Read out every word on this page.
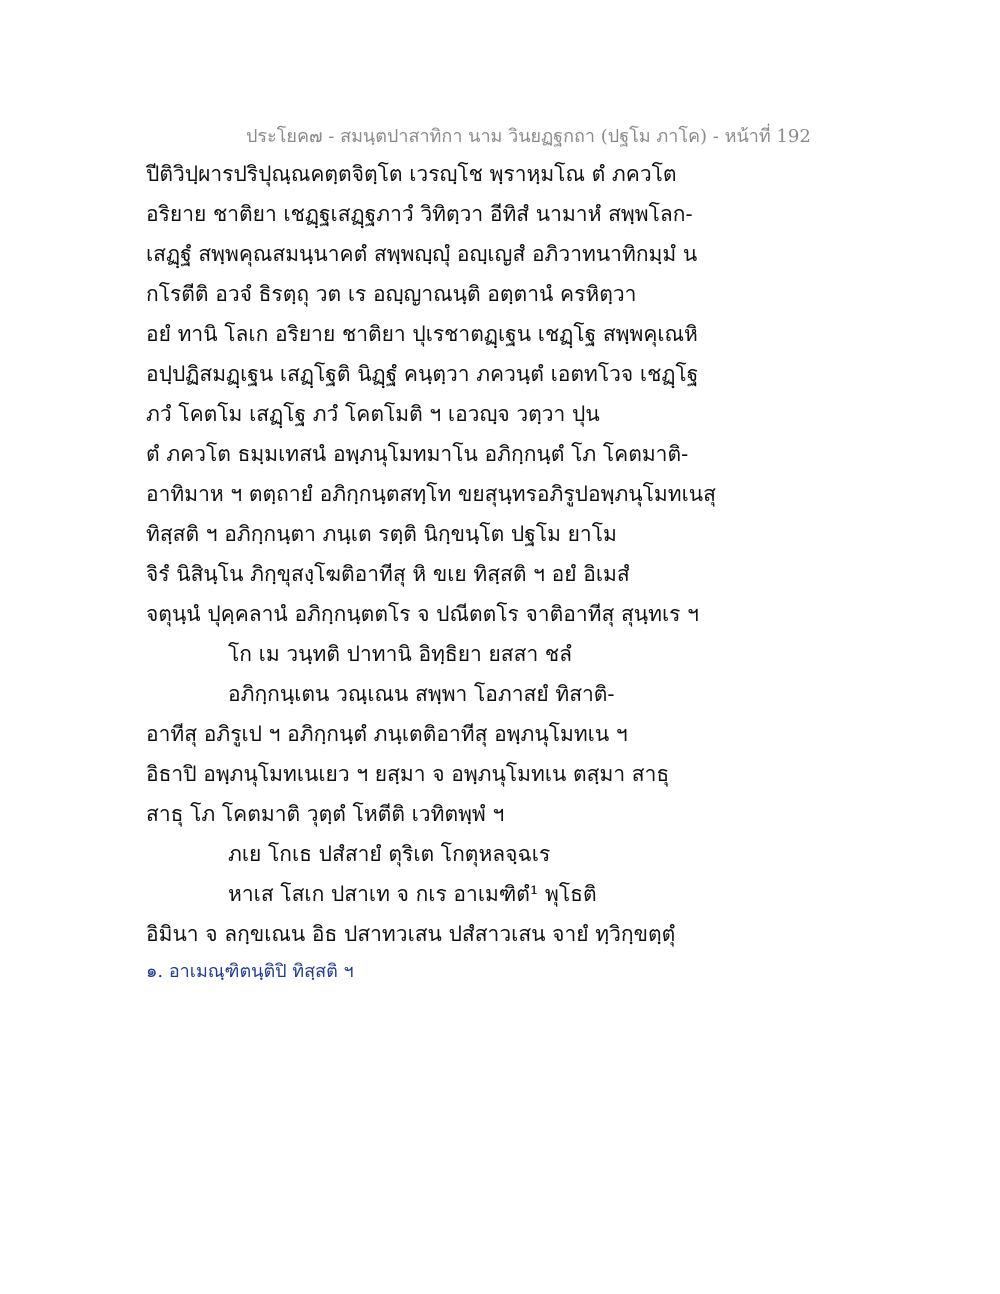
ประโยค๗ - สมนฺตปาสาทิกา นาม วินยฏฐกถา (ปฐโม ภาโค) - หน้าที่ 192
ปีติวิปฺผารปริปุณฺณคตฺตจิตฺโต เวรญฺโช พฺราหฺมโณ ตํ ภควโต
อริยาย ชาติยา เชฏฺฐเสฏฺฐภาวํ วิทิตฺวา อีทิสํ นามาหํ สพฺพโลก-
เสฏฺฐํ สพฺพคุณสมนฺนาคตํ สพฺพญฺญุํ อญฺเญสํ อภิวาทนาทิกมฺมํ น
กโรตีติ อวจํ ธิรตฺถุ วต เร อญฺญาณนฺติ อตฺตานํ ครหิตฺวา
อยํ ทานิ โลเก อริยาย ชาติยา ปุเรชาตฏฺเฐน เชฏฺโฐ สพฺพคุเณหิ
อปฺปฏิสมฏฺเฐน เสฏฺโฐติ นิฏฺฐํ คนฺตฺวา ภควนฺตํ เอตทโวจ เชฏฺโฐ
ภวํ โคตโม เสฏฺโฐ ภวํ โคตโมติ ฯ เอวญฺจ วตฺวา ปุน
ตํ ภควโต ธมฺมเทสนํ อพฺภนุโมทมาโน อภิกฺกนฺตํ โภ โคตมาติ-
อาทิมาห ฯ ตตฺถายํ อภิกฺกนฺตสทฺโท ขยสุนฺทรอภิรูปอพฺภนุโมทเนสุ
ทิสฺสติ ฯ อภิกฺกนฺตา ภนฺเต รตฺติ นิกฺขนฺโต ปฐโม ยาโม
จิรํ นิสินฺโน ภิกฺขุสงฺโฆติอาทีสุ หิ ขเย ทิสฺสติ ฯ อยํ อิเมสํ
จตุนฺนํ ปุคฺคลานํ อภิกฺกนฺตตโร จ ปณีตตโร จาติอาทีสุ สุนฺทเร ฯ
โก เม วนฺทติ ปาทานิ อิทฺธิยา ยสสา ชลํ
อภิกฺกนฺเตน วณฺเณน สพฺพา โอภาสยํ ทิสาติ-
อาทีสุ อภิรูเป ฯ อภิกฺกนฺตํ ภนฺเตติอาทีสุ อพฺภนุโมทเน ฯ
อิธาปิ อพฺภนุโมทเนเยว ฯ ยสฺมา จ อพฺภนุโมทเน ตสฺมา สาธุ
สาธุ โภ โคตมาติ วุตฺตํ โหตีติ เวทิตพฺพํ ฯ
ภเย โกเธ ปสํสายํ ตุริเต โกตุหลจฺฉเร
หาเส โสเก ปสาเท จ กเร อาเมฑิตํ¹ พุโธติ
อิมินา จ ลกฺขเณน อิธ ปสาทวเสน ปสํสาวเสน จายํ ทฺวิกฺขตฺตุํ
๑. อาเมณฺฑิตนฺติปิ ทิสฺสติ ฯ
